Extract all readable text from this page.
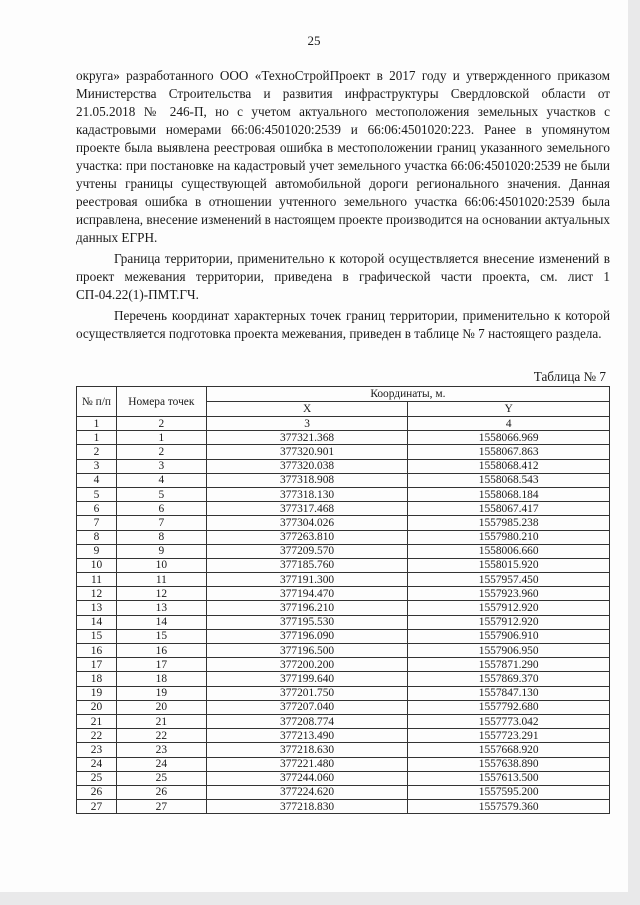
25

округа» разработанного ООО «ТехноСтройПроект в 2017 году и утвержденного приказом Министерства Строительства и развития инфраструктуры Свердловской области от 21.05.2018 № 246-П, но с учетом актуального местоположения земельных участков с кадастровыми номерами 66:06:4501020:2539 и 66:06:4501020:223. Ранее в упомянутом проекте была выявлена реестровая ошибка в местоположении границ указанного земельного участка: при постановке на кадастровый учет земельного участка 66:06:4501020:2539 не были учтены границы существующей автомобильной дороги регионального значения. Данная реестровая ошибка в отношении учтенного земельного участка 66:06:4501020:2539 была исправлена, внесение изменений в настоящем проекте производится на основании актуальных данных ЕГРН.

Граница территории, применительно к которой осуществляется внесение изменений в проект межевания территории, приведена в графической части проекта, см. лист 1 СП-04.22(1)-ПМТ.ГЧ.

Перечень координат характерных точек границ территории, применительно к которой осуществляется подготовка проекта межевания, приведен в таблице № 7 настоящего раздела.

Таблица № 7
№ п/п	Номера точек	Координаты, м.	
		X	Y
1	2	3	4
1	1	377321.368	1558066.969
2	2	377320.901	1558067.863
3	3	377320.038	1558068.412
4	4	377318.908	1558068.543
5	5	377318.130	1558068.184
6	6	377317.468	1558067.417
7	7	377304.026	1557985.238
8	8	377263.810	1557980.210
9	9	377209.570	1558006.660
10	10	377185.760	1558015.920
11	11	377191.300	1557957.450
12	12	377194.470	1557923.960
13	13	377196.210	1557912.920
14	14	377195.530	1557912.920
15	15	377196.090	1557906.910
16	16	377196.500	1557906.950
17	17	377200.200	1557871.290
18	18	377199.640	1557869.370
19	19	377201.750	1557847.130
20	20	377207.040	1557792.680
21	21	377208.774	1557773.042
22	22	377213.490	1557723.291
23	23	377218.630	1557668.920
24	24	377221.480	1557638.890
25	25	377244.060	1557613.500
26	26	377224.620	1557595.200
27	27	377218.830	1557579.360
